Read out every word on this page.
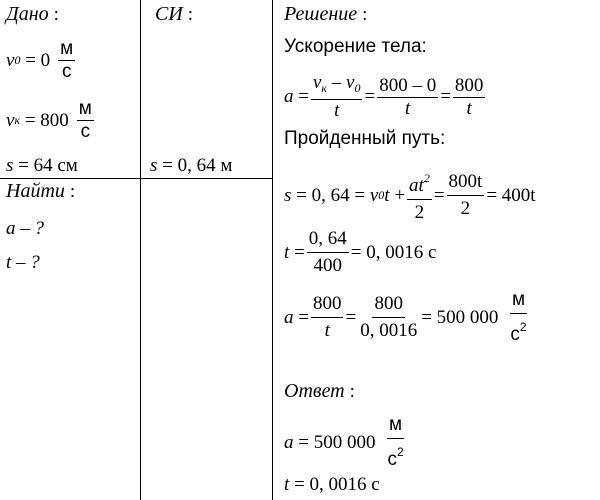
Дано :
v $0 = 0 \frac{м}{с}$
v $к = 800 \frac{м}{с}$
s = 64 см
Найти :
a – ?
t – ?
СИ :
s = 0, 64 м
Решение :
Ускорение тела:
$a = \frac{v_к - v_0}{t} = \frac{800 - 0}{t} = \frac{800}{t}$
Пройденный путь:
s = 0, 64 = v 0 t
+ $\frac{at^2}{2} = \frac{800t}{2} = 400t$
$t = \frac{0, 64}{400} = 0$, 0016 с
$a = \frac{800}{t} = \frac{800}{0, 0016} = 500$ $000 \frac{м}{с^2}$
Ответ :
a = 500 $000 \frac{м}{с^2}$
t = 0, 0016 с
